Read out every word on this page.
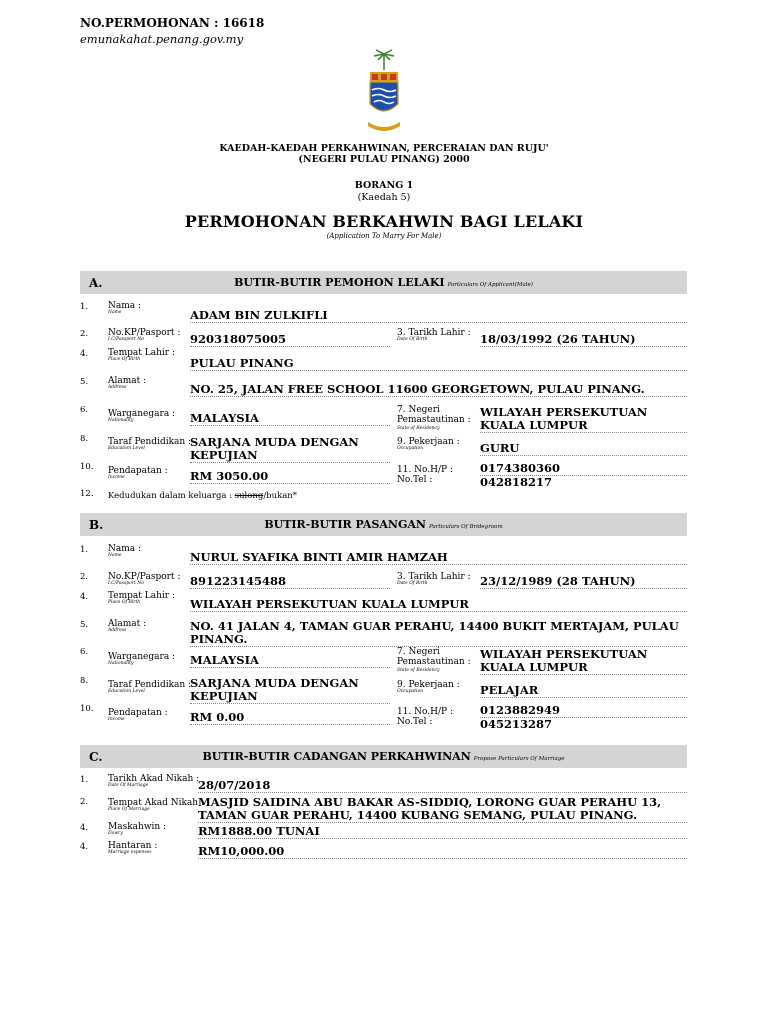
NO.PERMOHONAN : 16618
emunakahat.penang.gov.my
KAEDAH-KAEDAH PERKAHWINAN, PERCERAIAN DAN RUJU'
(NEGERI PULAU PINANG) 2000
BORANG 1
(Kaedah 5)
PERMOHONAN BERKAHWIN BAGI LELAKI
(Application To Marry For Male)
A.	BUTIR-BUTIR PEMOHON LELAKI Particulars Of Applicant(Male)
1. Nama :
Name	ADAM BIN ZULKIFLI
2. No.KP/Pasport :
I.C/Passport No	920318075005	3. Tarikh Lahir :
Date Of Birth	18/03/1992 (26 TAHUN)
4. Tempat Lahir :
Place Of Birth	PULAU PINANG
5. Alamat :
Address	NO. 25, JALAN FREE SCHOOL 11600 GEORGETOWN, PULAU PINANG.
6. Warganegara :
Nationality	MALAYSIA
7. Negeri
Pemastautinan :
State of Residency
WILAYAH PERSEKUTUAN KUALA LUMPUR
8. Taraf Pendidikan :
Education Level	SARJANA MUDA DENGAN KEPUJIAN
9. Pekerjaan :
Occupation	GURU
10. Pendapatan :
Income	RM 3050.00	11. No.H/P :
No.Tel :
0174380360
042818217
12. Kedudukan dalam keluarga : sulong/bukan*
B.	BUTIR-BUTIR PASANGAN Particulars Of Bridegroom
1. Nama :
Name	NURUL SYAFIKA BINTI AMIR HAMZAH
2. No.KP/Pasport :
I.C/Passport No	891223145488	3. Tarikh Lahir :
Date Of Birth	23/12/1989 (28 TAHUN)
4. Tempat Lahir :
Place Of Birth	WILAYAH PERSEKUTUAN KUALA LUMPUR
5. Alamat :
Address	NO. 41 JALAN 4, TAMAN GUAR PERAHU, 14400 BUKIT MERTAJAM, PULAU PINANG.
6. Warganegara :
Nationality	MALAYSIA
7. Negeri
Pemastautinan :
State of Residency
WILAYAH PERSEKUTUAN KUALA LUMPUR
8. Taraf Pendidikan :
Education Level
SARJANA MUDA DENGAN KEPUJIAN
9. Pekerjaan :
Occupation	PELAJAR
10. Pendapatan :
Income	RM 0.00	11. No.H/P :
No.Tel :
0123882949
045213287
C.	BUTIR-BUTIR CADANGAN PERKAHWINAN Propose Particulars Of Marriage
1. Tarikh Akad Nikah :
Date Of Marriage	28/07/2018
2. Tempat Akad Nikah :
Place Of Marriage
MASJID SAIDINA ABU BAKAR AS-SIDDIQ, LORONG GUAR PERAHU 13, TAMAN GUAR PERAHU, 14400 KUBANG SEMANG, PULAU PINANG.
4. Maskahwin :
Dowry	RM1888.00 TUNAI
4. Hantaran :
Marriage expenses	RM10,000.00
